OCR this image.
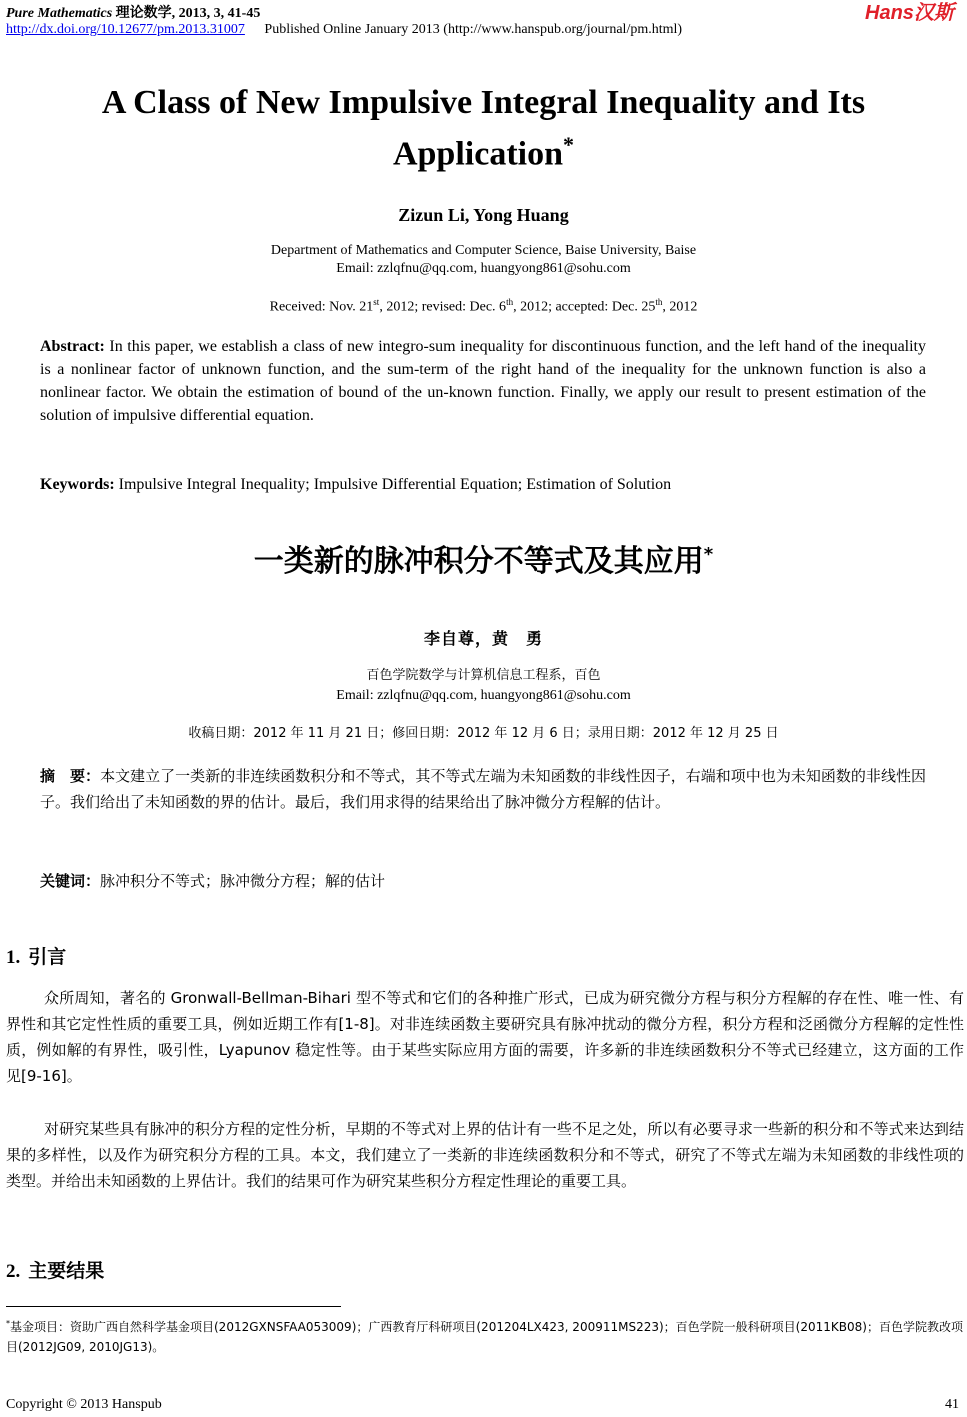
Pure Mathematics 理论数学, 2013, 3, 41-45
http://dx.doi.org/10.12677/pm.2013.31007 Published Online January 2013 (http://www.hanspub.org/journal/pm.html)
Hans汉斯
A Class of New Impulsive Integral Inequality and Its Application*
Zizun Li, Yong Huang
Department of Mathematics and Computer Science, Baise University, Baise
Email: zzlqfnu@qq.com, huangyong861@sohu.com
Received: Nov. 21st, 2012; revised: Dec. 6th, 2012; accepted: Dec. 25th, 2012
Abstract: In this paper, we establish a class of new integro-sum inequality for discontinuous function, and the left hand of the inequality is a nonlinear factor of unknown function, and the sum-term of the right hand of the inequality for the unknown function is also a nonlinear factor. We obtain the estimation of bound of the un-known function. Finally, we apply our result to present estimation of the solution of impulsive differential equation.
Keywords: Impulsive Integral Inequality; Impulsive Differential Equation; Estimation of Solution
一类新的脉冲积分不等式及其应用*
李自尊，黄　勇
百色学院数学与计算机信息工程系，百色
Email: zzlqfnu@qq.com, huangyong861@sohu.com
收稿日期：2012 年 11 月 21 日；修回日期：2012 年 12 月 6 日；录用日期：2012 年 12 月 25 日
摘　要：本文建立了一类新的非连续函数积分和不等式，其不等式左端为未知函数的非线性因子，右端和项中也为未知函数的非线性因子。我们给出了未知函数的界的估计。最后，我们用求得的结果给出了脉冲微分方程解的估计。
关键词：脉冲积分不等式；脉冲微分方程；解的估计
1. 引言
众所周知，著名的 Gronwall-Bellman-Bihari 型不等式和它们的各种推广形式，已成为研究微分方程与积分方程解的存在性、唯一性、有界性和其它定性性质的重要工具，例如近期工作有[1-8]。对非连续函数主要研究具有脉冲扰动的微分方程，积分方程和泛函微分方程解的定性性质，例如解的有界性，吸引性，Lyapunov 稳定性等。由于某些实际应用方面的需要，许多新的非连续函数积分不等式已经建立，这方面的工作见[9-16]。
对研究某些具有脉冲的积分方程的定性分析，早期的不等式对上界的估计有一些不足之处，所以有必要寻求一些新的积分和不等式来达到结果的多样性，以及作为研究积分方程的工具。本文，我们建立了一类新的非连续函数积分和不等式，研究了不等式左端为未知函数的非线性项的类型。并给出未知函数的上界估计。我们的结果可作为研究某些积分方程定性理论的重要工具。
2. 主要结果
*基金项目：资助广西自然科学基金项目(2012GXNSFAA053009)；广西教育厅科研项目(201204LX423, 200911MS223)；百色学院一般科研项目(2011KB08)；百色学院教改项目(2012JG09, 2010JG13)。
Copyright © 2013 Hanspub	41
